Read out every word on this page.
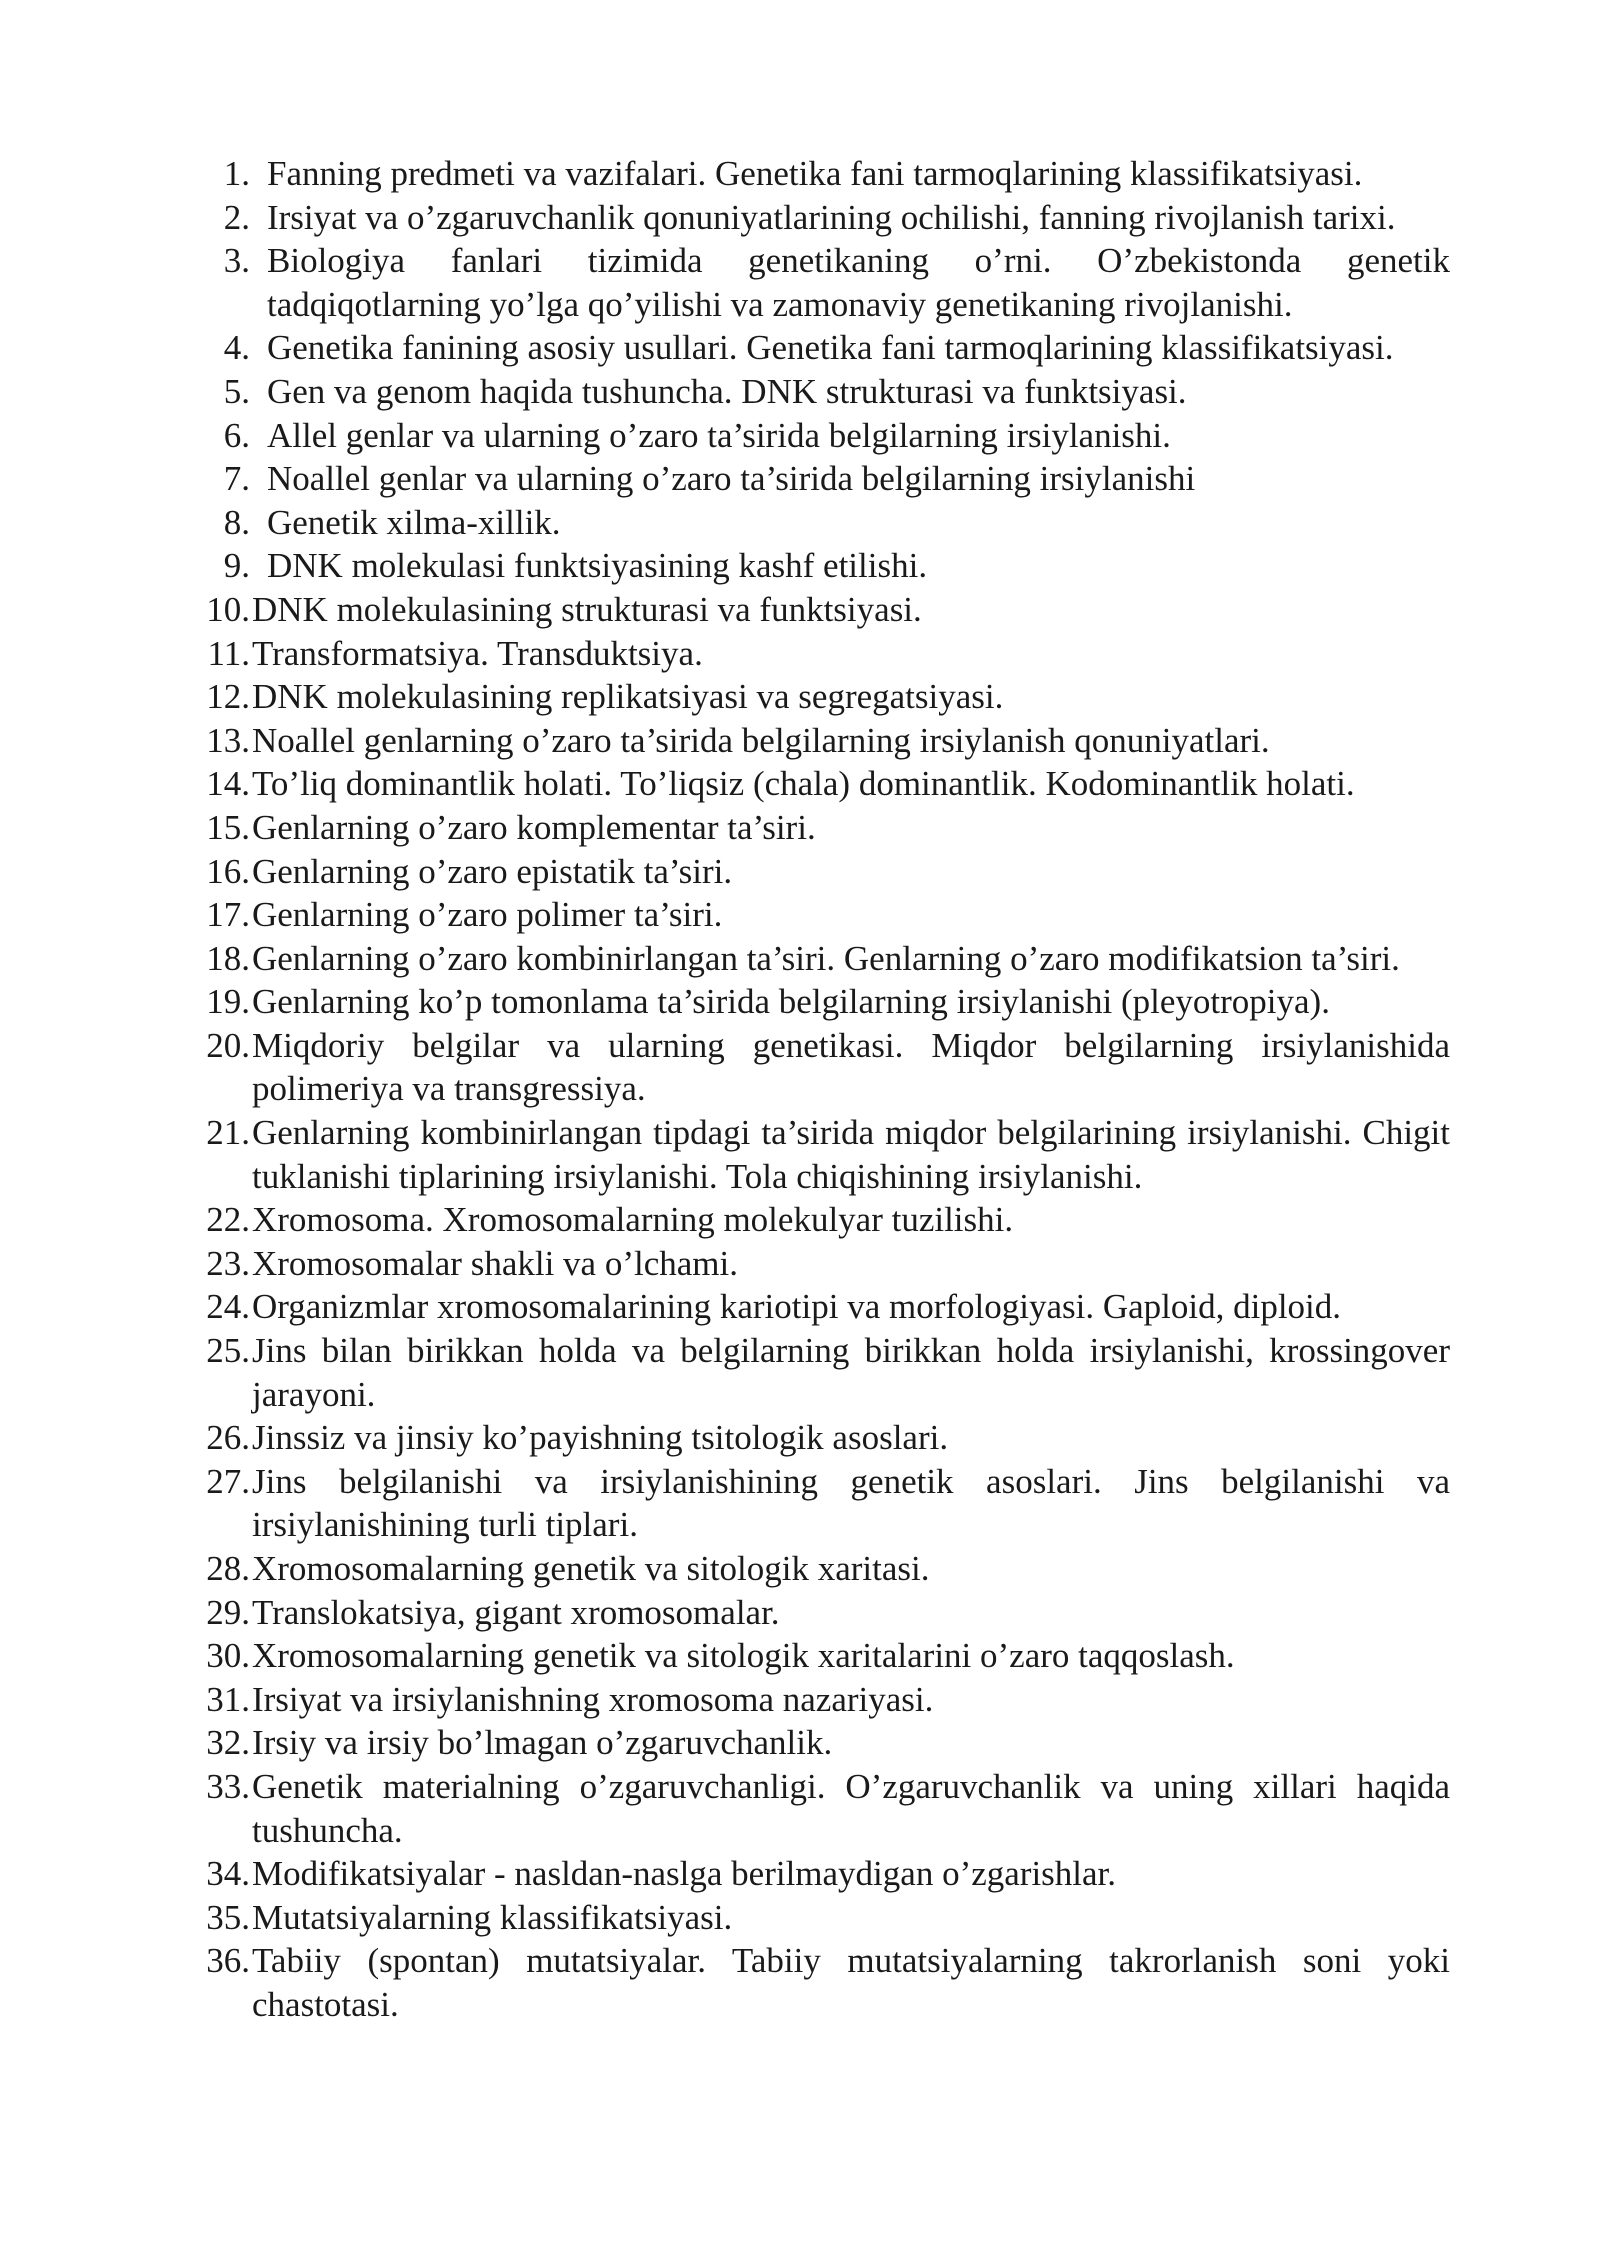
1. Fanning predmeti va vazifalari. Genetika fani tarmoqlarining klassifikatsiyasi.
2. Irsiyat va o’zgaruvchanlik qonuniyatlarining ochilishi, fanning rivojlanish tarixi.
3. Biologiya fanlari tizimida genetikaning o’rni. O’zbekistonda genetik tadqiqotlarning yo’lga qo’yilishi va zamonaviy genetikaning rivojlanishi.
4. Genetika fanining asosiy usullari. Genetika fani tarmoqlarining klassifikatsiyasi.
5. Gen va genom haqida tushuncha. DNK strukturasi va funktsiyasi.
6. Allel genlar va ularning o’zaro ta’sirida belgilarning irsiylanishi.
7. Noallel genlar va ularning o’zaro ta’sirida belgilarning irsiylanishi
8. Genetik xilma-xillik.
9. DNK molekulasi funktsiyasining kashf etilishi.
10. DNK molekulasining strukturasi va funktsiyasi.
11. Transformatsiya. Transduktsiya.
12. DNK molekulasining replikatsiyasi va segregatsiyasi.
13. Noallel genlarning o’zaro ta’sirida belgilarning irsiylanish qonuniyatlari.
14. To’liq dominantlik holati. To’liqsiz (chala) dominantlik. Kodominantlik holati.
15. Genlarning o’zaro komplementar ta’siri.
16. Genlarning o’zaro epistatik ta’siri.
17. Genlarning o’zaro polimer ta’siri.
18. Genlarning o’zaro kombinirlangan ta’siri. Genlarning o’zaro modifikatsion ta’siri.
19. Genlarning ko’p tomonlama ta’sirida belgilarning irsiylanishi (pleyotropiya).
20. Miqdoriy belgilar va ularning genetikasi. Miqdor belgilarning irsiylanishida polimeriya va transgressiya.
21. Genlarning kombinirlangan tipdagi ta’sirida miqdor belgilarining irsiylanishi. Chigit tuklanishi tiplarining irsiylanishi. Tola chiqishining irsiylanishi.
22. Xromosoma. Xromosomalarning molekulyar tuzilishi.
23. Xromosomalar shakli va o’lchami.
24. Organizmlar xromosomalarining kariotipi va morfologiyasi. Gaploid, diploid.
25. Jins bilan birikkan holda va belgilarning birikkan holda irsiylanishi, krossingover jarayoni.
26. Jinssiz va jinsiy ko’payishning tsitologik asoslari.
27. Jins belgilanishi va irsiylanishining genetik asoslari. Jins belgilanishi va irsiylanishining turli tiplari.
28. Xromosomalarning genetik va sitologik xaritasi.
29. Translokatsiya, gigant xromosomalar.
30. Xromosomalarning genetik va sitologik xaritalarini o’zaro taqqoslash.
31. Irsiyat va irsiylanishning xromosoma nazariyasi.
32. Irsiy va irsiy bo’lmagan o’zgaruvchanlik.
33. Genetik materialning o’zgaruvchanligi. O’zgaruvchanlik va uning xillari haqida tushuncha.
34. Modifikatsiyalar - nasldan-naslga berilmaydigan o’zgarishlar.
35. Mutatsiyalarning klassifikatsiyasi.
36. Tabiiy (spontan) mutatsiyalar. Tabiiy mutatsiyalarning takrorlanish soni yoki chastotasi.
